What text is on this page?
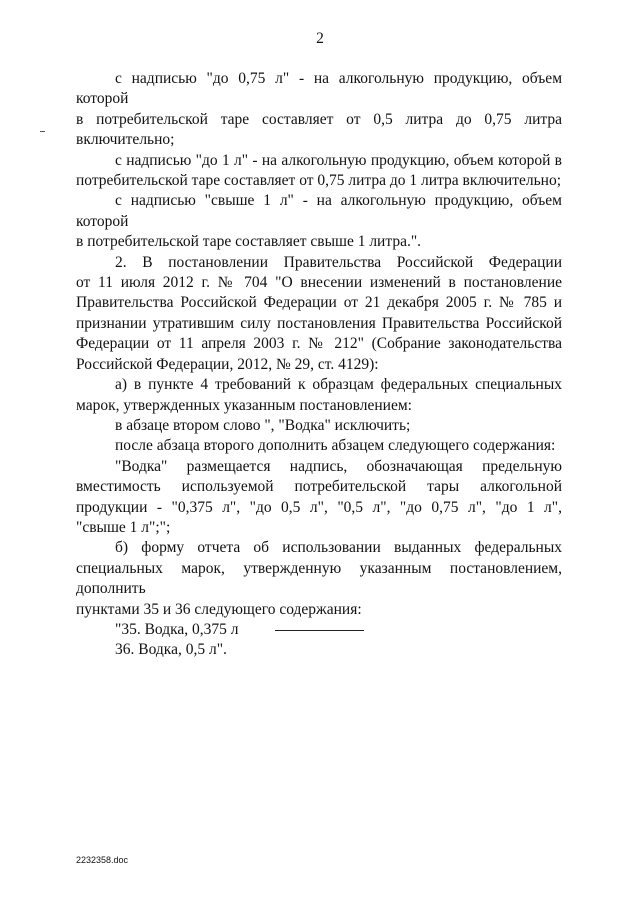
2

с надписью "до 0,75 л" - на алкогольную продукцию, объем которой

в потребительской таре составляет от 0,5 литра до 0,75 литра

включительно;

с надписью "до 1 л" - на алкогольную продукцию, объем которой в

потребительской таре составляет от 0,75 литра до 1 литра включительно;

с надписью "свыше 1 л" - на алкогольную продукцию, объем которой

в потребительской таре составляет свыше 1 литра.".

2. В постановлении Правительства Российской Федерации

от 11 июля 2012 г. № 704 "О внесении изменений в постановление

Правительства Российской Федерации от 21 декабря 2005 г. № 785 и

признании утратившим силу постановления Правительства Российской

Федерации от 11 апреля 2003 г. № 212" (Собрание законодательства

Российской Федерации, 2012, № 29, ст. 4129):

а) в пункте 4 требований к образцам федеральных специальных

марок, утвержденных указанным постановлением:

в абзаце втором слово ", "Водка" исключить;

после абзаца второго дополнить абзацем следующего содержания:

"Водка" размещается надпись, обозначающая предельную

вместимость используемой потребительской тары алкогольной

продукции - "0,375 л", "до 0,5 л", "0,5 л", "до 0,75 л", "до 1 л",

"свыше 1 л";";

б) форму отчета об использовании выданных федеральных

специальных марок, утвержденную указанным постановлением, дополнить

пунктами 35 и 36 следующего содержания:

"35. Водка, 0,375 л

36. Водка, 0,5 л".

2232358.doc
